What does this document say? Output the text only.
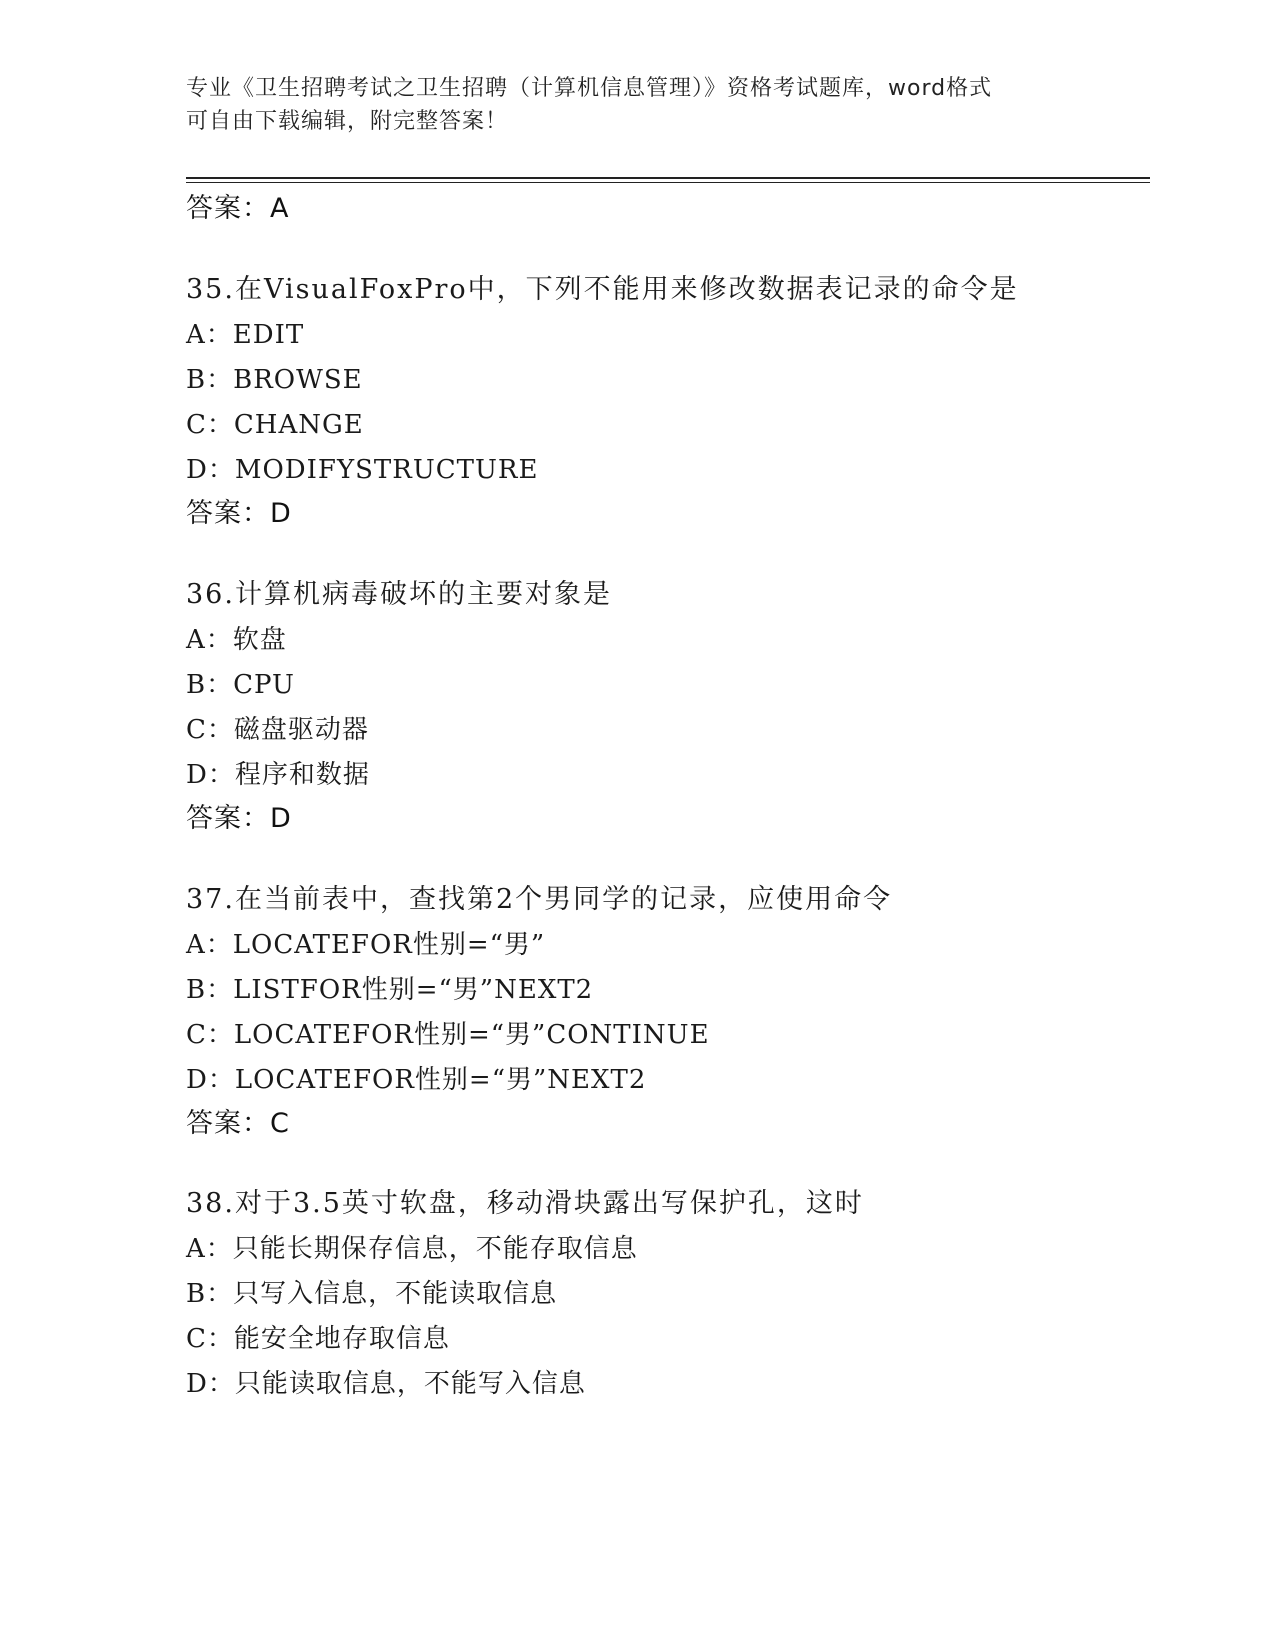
专业《卫生招聘考试之卫生招聘（计算机信息管理）》资格考试题库，word格式
可自由下载编辑，附完整答案！
答案：A
35.在VisualFoxPro中，下列不能用来修改数据表记录的命令是
A：EDIT
B：BROWSE
C：CHANGE
D：MODIFYSTRUCTURE
答案：D
36.计算机病毒破坏的主要对象是
A：软盘
B：CPU
C：磁盘驱动器
D：程序和数据
答案：D
37.在当前表中，查找第2个男同学的记录，应使用命令
A：LOCATEFOR性别=“男”
B：LISTFOR性别=“男”NEXT2
C：LOCATEFOR性别=“男”CONTINUE
D：LOCATEFOR性别=“男”NEXT2
答案：C
38.对于3.5英寸软盘，移动滑块露出写保护孔，这时
A：只能长期保存信息，不能存取信息
B：只写入信息，不能读取信息
C：能安全地存取信息
D：只能读取信息，不能写入信息
